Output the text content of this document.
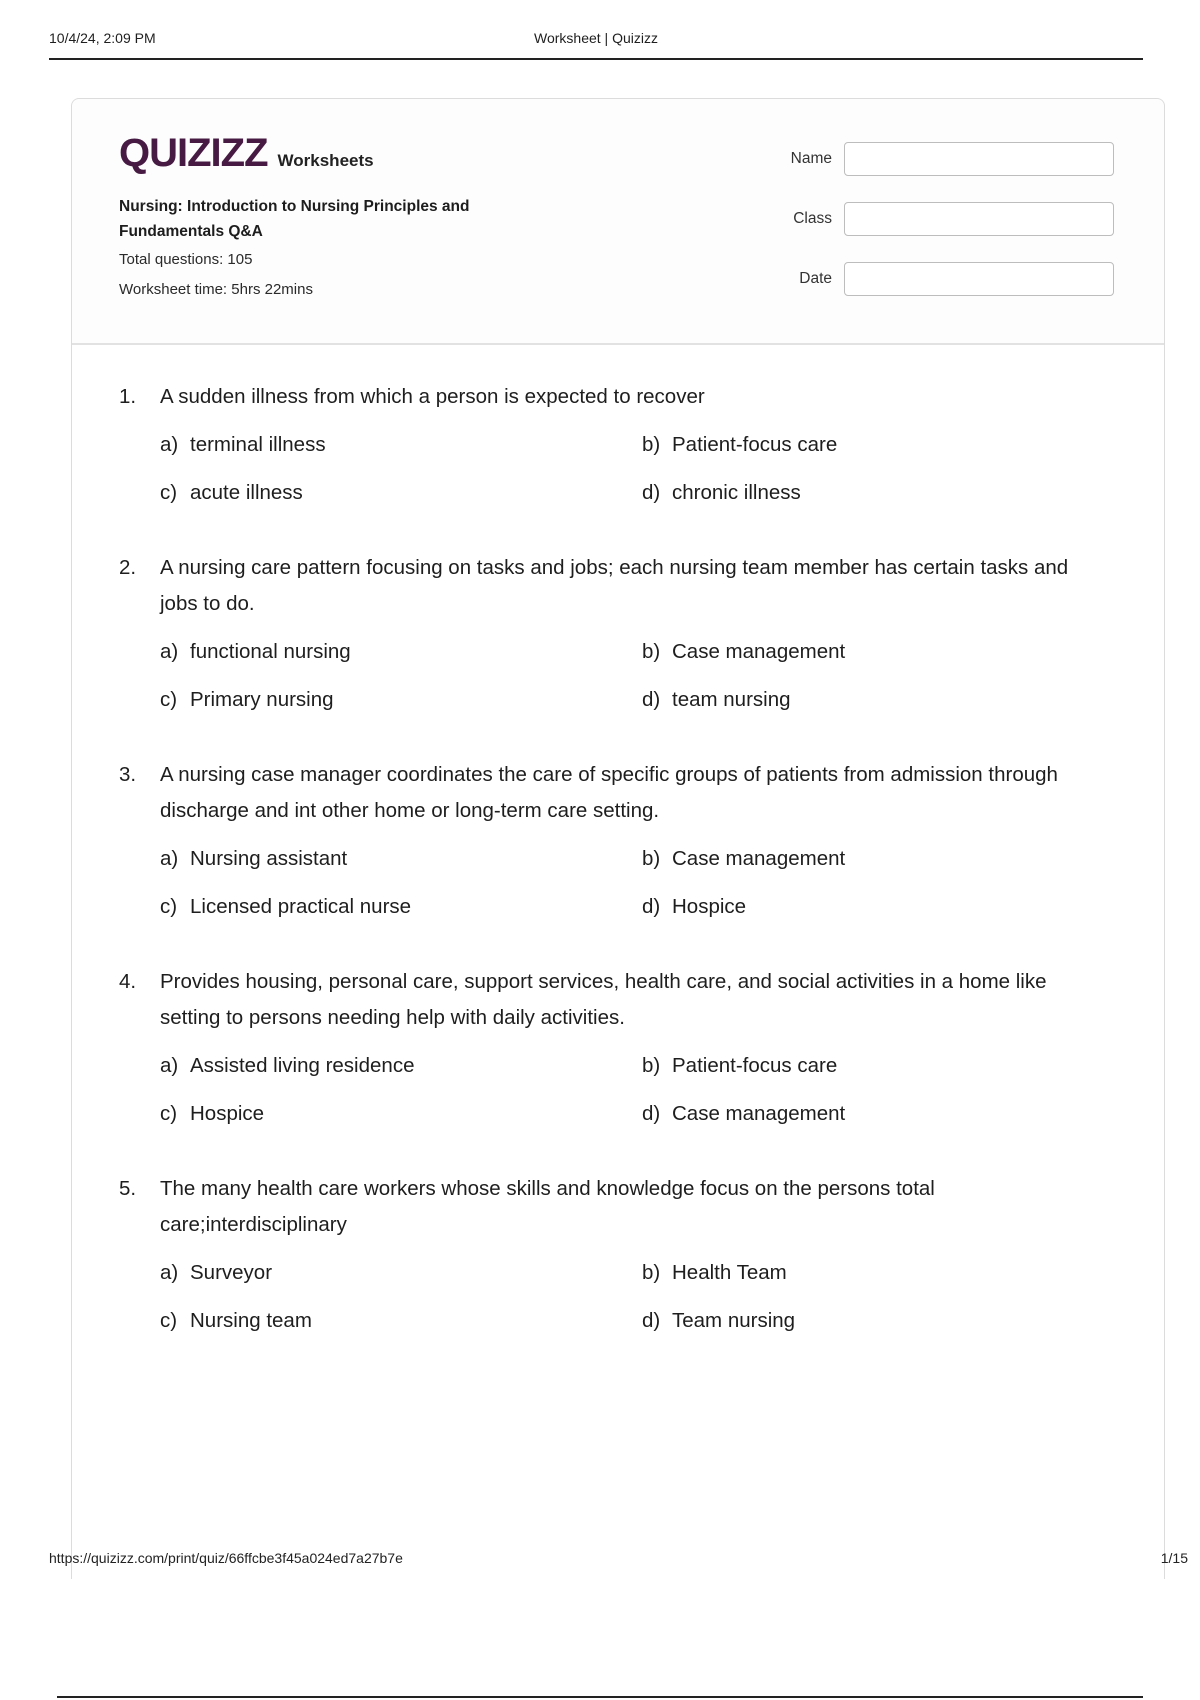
10/4/24, 2:09 PM	Worksheet | Quizizz
QUIZIZZ Worksheets
Nursing: Introduction to Nursing Principles and Fundamentals Q&A
Total questions: 105
Worksheet time: 5hrs 22mins
Name
Class
Date
1.	A sudden illness from which a person is expected to recover
a) terminal illness	b) Patient-focus care
c) acute illness	d) chronic illness
2.	A nursing care pattern focusing on tasks and jobs; each nursing team member has certain tasks and jobs to do.
a) functional nursing	b) Case management
c) Primary nursing	d) team nursing
3.	A nursing case manager coordinates the care of specific groups of patients from admission through discharge and int other home or long-term care setting.
a) Nursing assistant	b) Case management
c) Licensed practical nurse	d) Hospice
4.	Provides housing, personal care, support services, health care, and social activities in a home like setting to persons needing help with daily activities.
a) Assisted living residence	b) Patient-focus care
c) Hospice	d) Case management
5.	The many health care workers whose skills and knowledge focus on the persons total care;interdisciplinary
a) Surveyor	b) Health Team
c) Nursing team	d) Team nursing
https://quizizz.com/print/quiz/66ffcbe3f45a024ed7a27b7e	1/15
